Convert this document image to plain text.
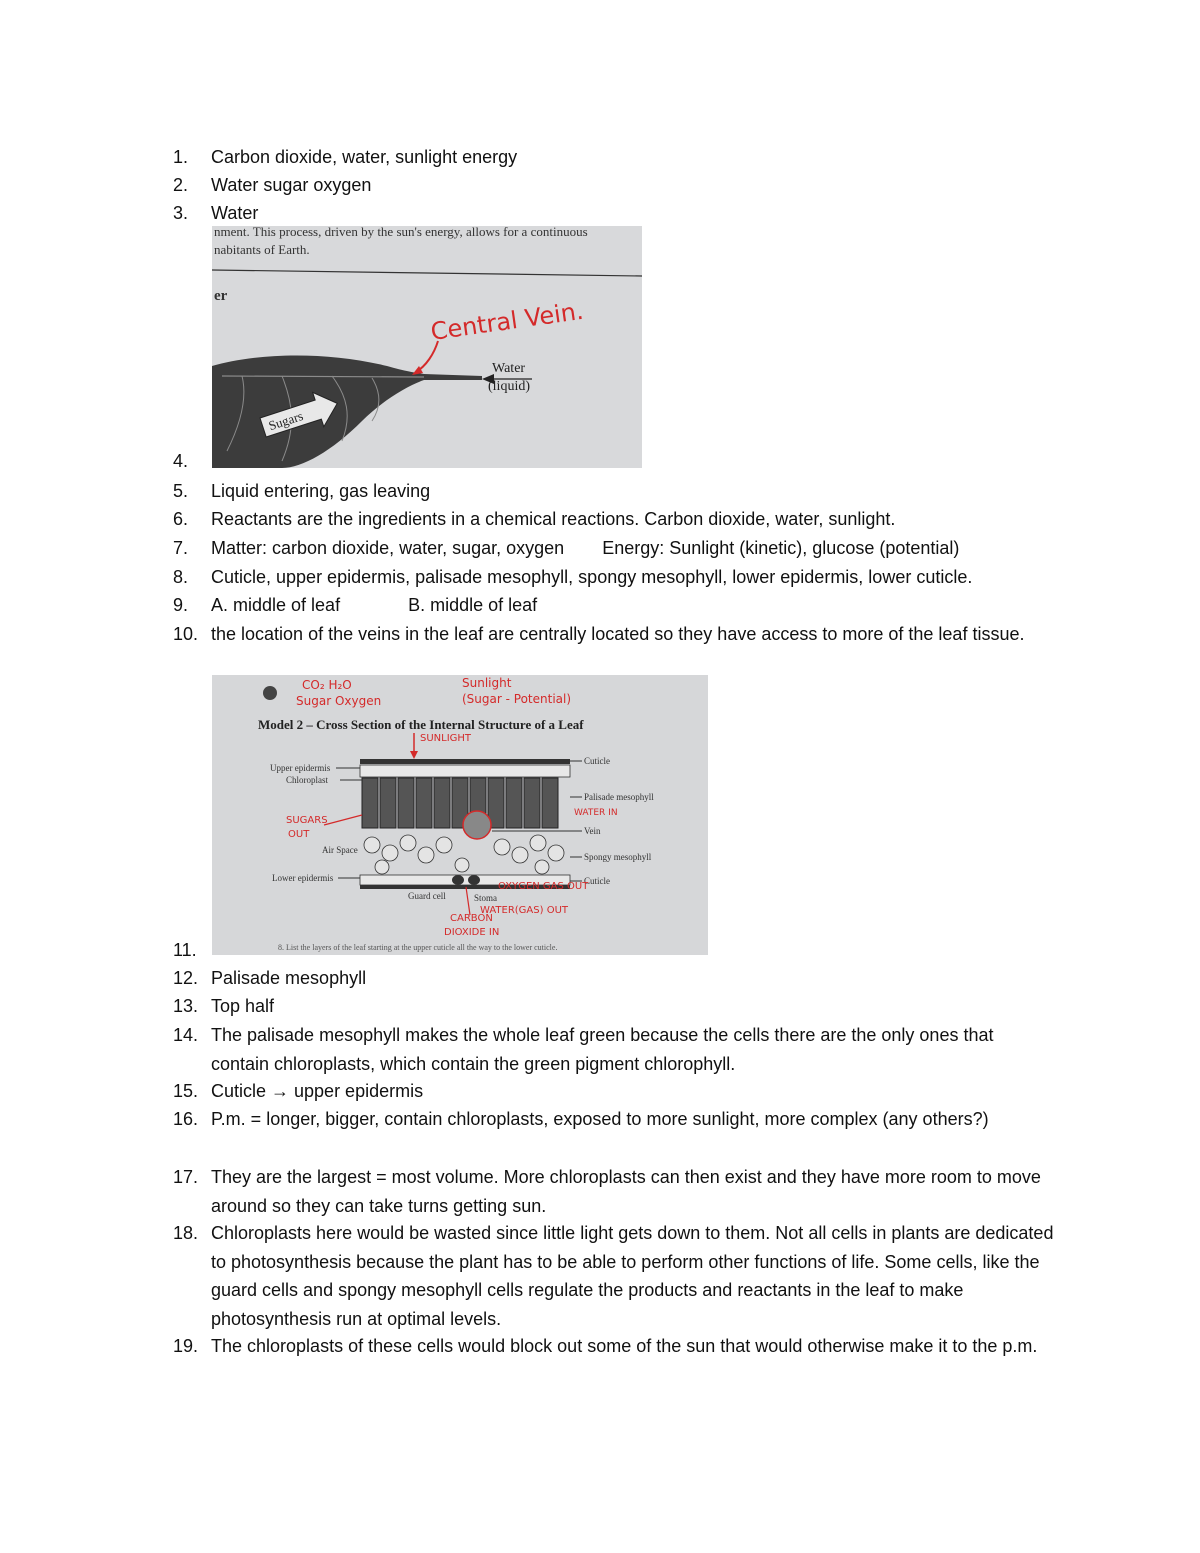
1.	Carbon dioxide, water, sunlight energy
2.	Water sugar oxygen
3.	Water
nment. This process, driven by the sun's energy, allows for a continuous
nabitants of Earth.
er
Sugars
Water
(liquid)
Central Vein.
4.
5.	Liquid entering, gas leaving
6.	Reactants are the ingredients in a chemical reactions. Carbon dioxide, water, sunlight.
7.	Matter: carbon dioxide, water, sugar, oxygen Energy: Sunlight (kinetic), glucose (potential)
8.	Cuticle, upper epidermis, palisade mesophyll, spongy mesophyll, lower epidermis, lower cuticle.
9.	A. middle of leaf	B. middle of leaf
10. the location of the veins in the leaf are centrally located so they have access to more of the leaf tissue.
CO₂ H₂O
Sugar Oxygen
Sunlight
(Sugar - Potential)
Model 2 – Cross Section of the Internal Structure of a Leaf
SUNLIGHT
Cuticle
Palisade mesophyll
Vein
Spongy mesophyll
Cuticle
WATER IN
Upper epidermis
Chloroplast
Air Space
Lower epidermis
Guard cell	Stoma
SUGARS
OUT
OXYGEN GAS OUT
WATER(GAS) OUT
CARBON
DIOXIDE IN
8. List the layers of the leaf starting at the upper cuticle all the way to the lower cuticle.
11.
12. Palisade mesophyll
13. Top half
14. The palisade mesophyll makes the whole leaf green because the cells there are the only ones that contain chloroplasts, which contain the green pigment chlorophyll.
15. Cuticle → upper epidermis
16. P.m. = longer, bigger, contain chloroplasts, exposed to more sunlight, more complex (any others?)
17. They are the largest = most volume. More chloroplasts can then exist and they have more room to move around so they can take turns getting sun.
18. Chloroplasts here would be wasted since little light gets down to them. Not all cells in plants are dedicated to photosynthesis because the plant has to be able to perform other functions of life. Some cells, like the guard cells and spongy mesophyll cells regulate the products and reactants in the leaf to make photosynthesis run at optimal levels.
19. The chloroplasts of these cells would block out some of the sun that would otherwise make it to the p.m.
